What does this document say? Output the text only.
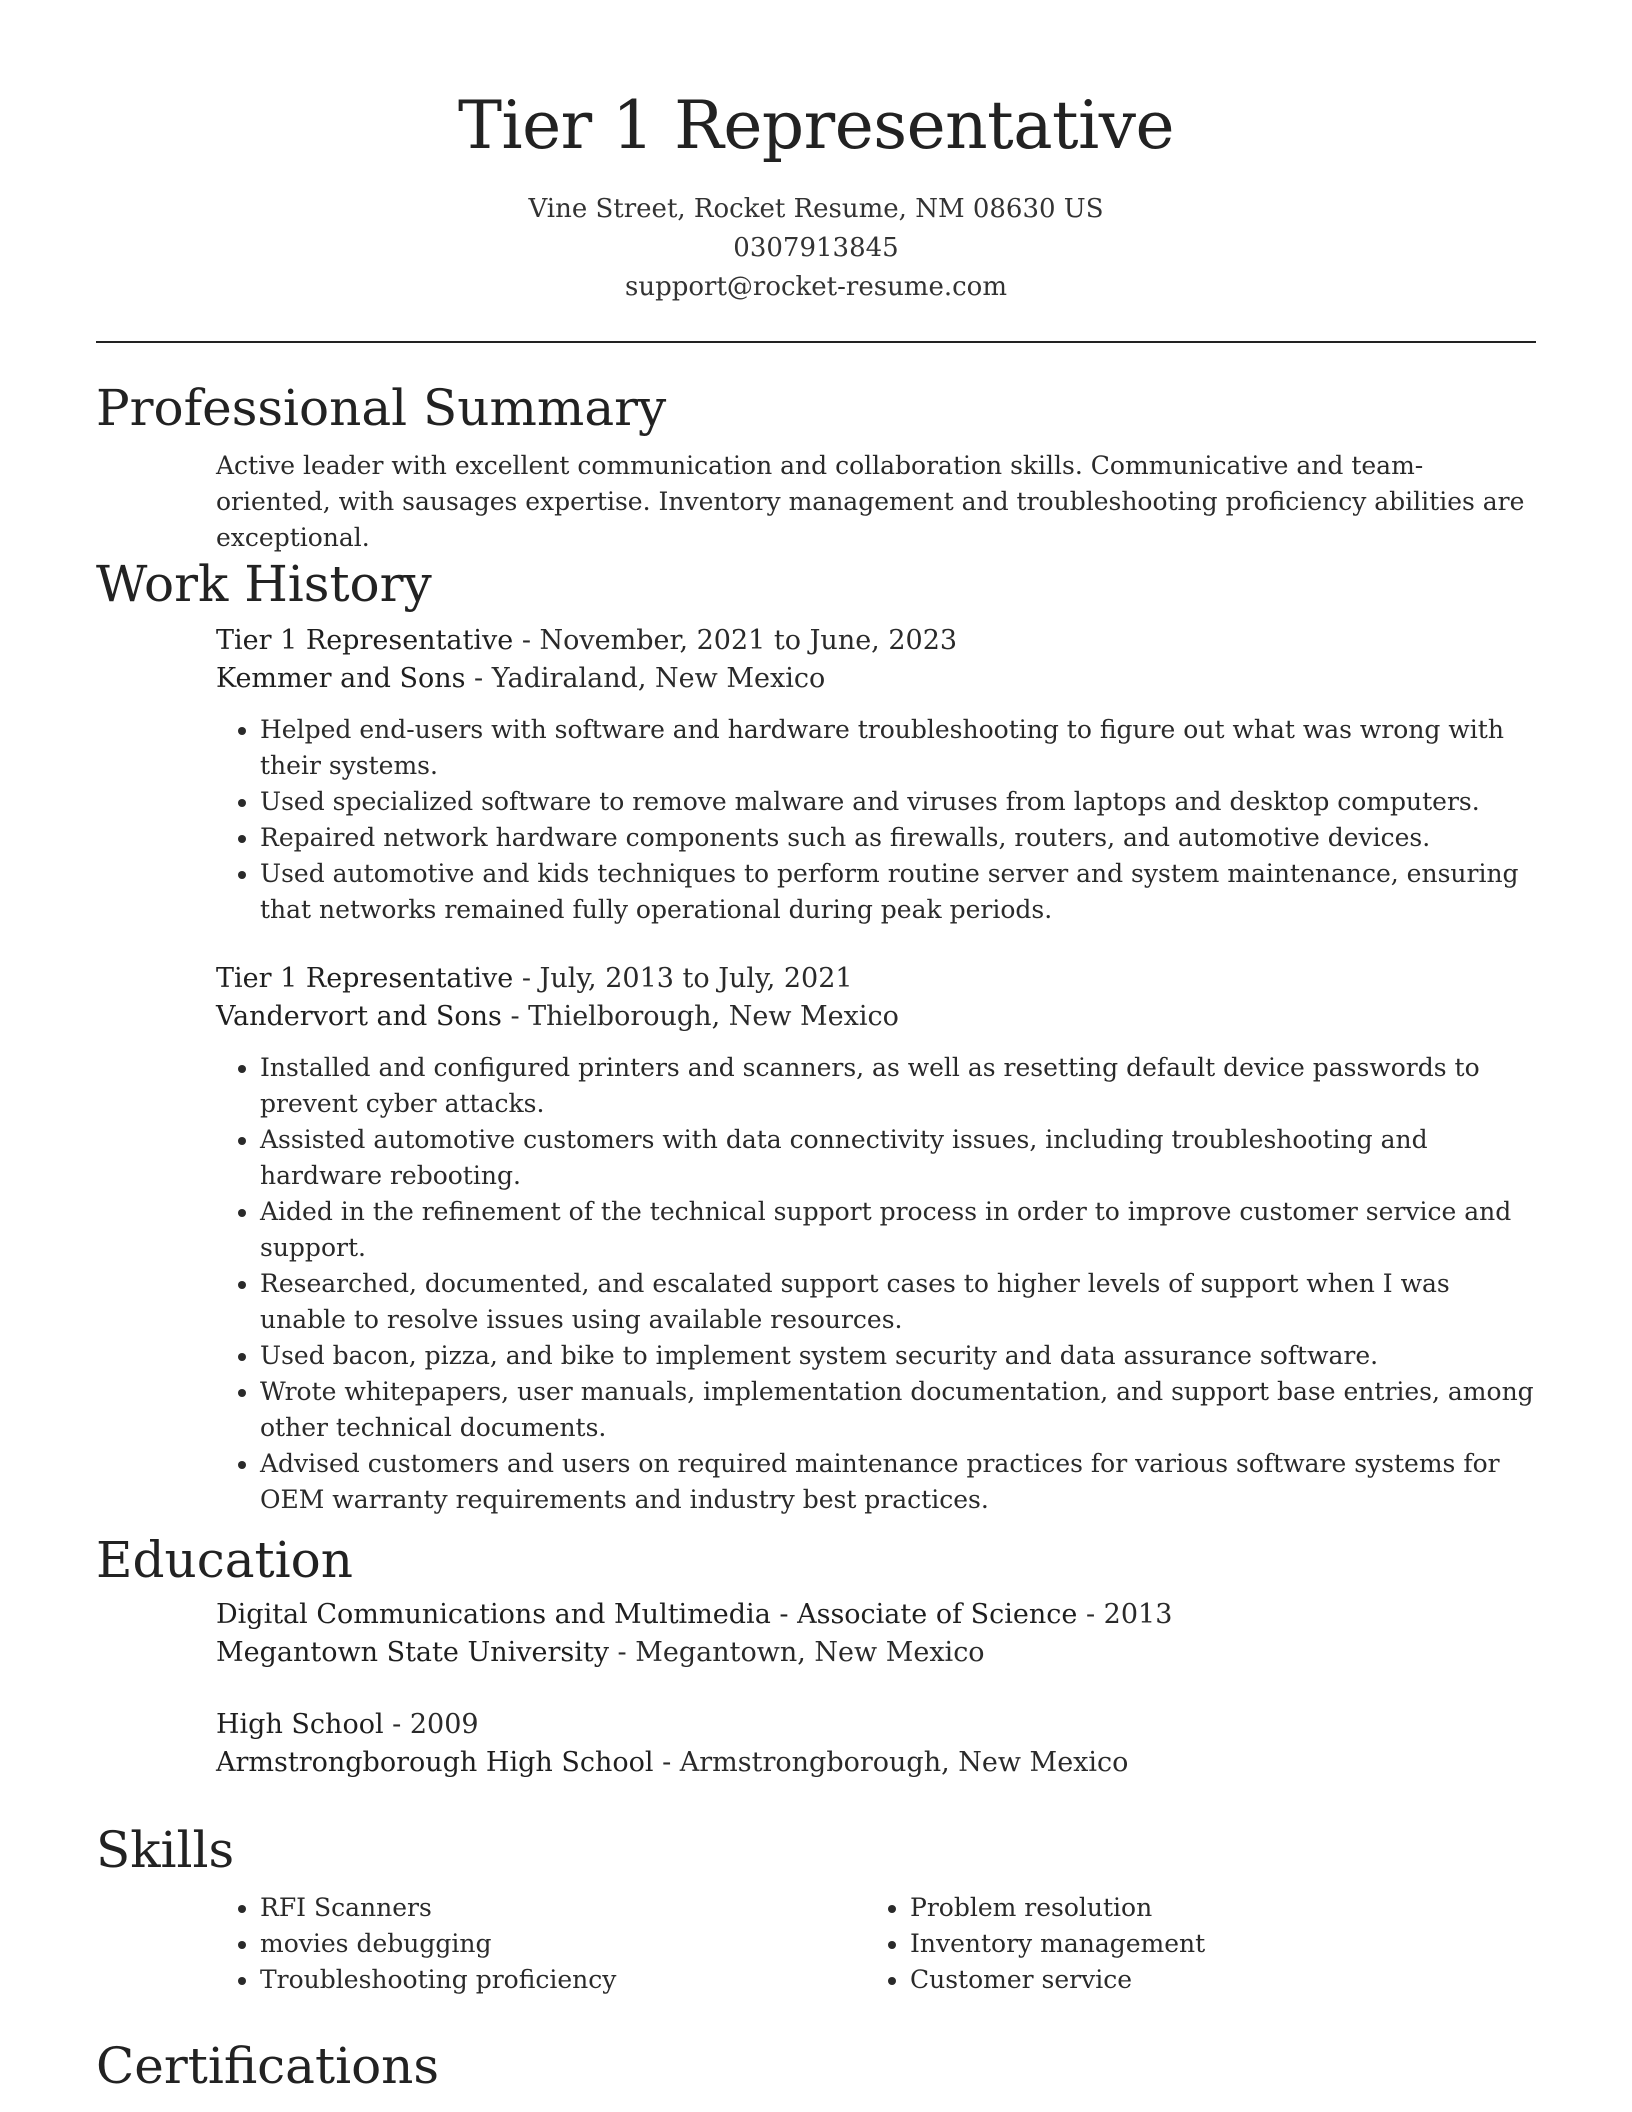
Tier 1 Representative
Vine Street, Rocket Resume, NM 08630 US
0307913845
support@rocket-resume.com
Professional Summary
Active leader with excellent communication and collaboration skills. Communicative and team-oriented, with sausages expertise. Inventory management and troubleshooting proficiency abilities are exceptional.
Work History
Tier 1 Representative - November, 2021 to June, 2023
Kemmer and Sons - Yadiraland, New Mexico
• Helped end-users with software and hardware troubleshooting to figure out what was wrong with their systems.
• Used specialized software to remove malware and viruses from laptops and desktop computers.
• Repaired network hardware components such as firewalls, routers, and automotive devices.
• Used automotive and kids techniques to perform routine server and system maintenance, ensuring that networks remained fully operational during peak periods.
Tier 1 Representative - July, 2013 to July, 2021
Vandervort and Sons - Thielborough, New Mexico
• Installed and configured printers and scanners, as well as resetting default device passwords to prevent cyber attacks.
• Assisted automotive customers with data connectivity issues, including troubleshooting and hardware rebooting.
• Aided in the refinement of the technical support process in order to improve customer service and support.
• Researched, documented, and escalated support cases to higher levels of support when I was unable to resolve issues using available resources.
• Used bacon, pizza, and bike to implement system security and data assurance software.
• Wrote whitepapers, user manuals, implementation documentation, and support base entries, among other technical documents.
• Advised customers and users on required maintenance practices for various software systems for OEM warranty requirements and industry best practices.
Education
Digital Communications and Multimedia - Associate of Science - 2013
Megantown State University - Megantown, New Mexico
High School - 2009
Armstrongborough High School - Armstrongborough, New Mexico
Skills
• RFI Scanners
• movies debugging
• Troubleshooting proficiency
• Problem resolution
• Inventory management
• Customer service
Certifications
